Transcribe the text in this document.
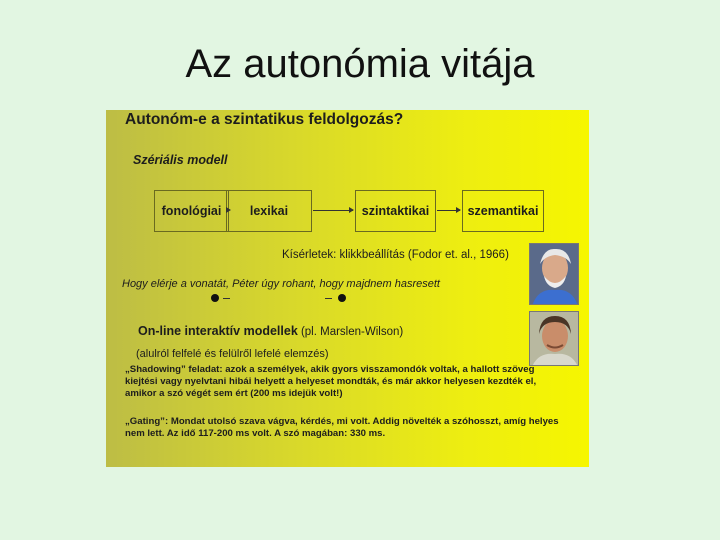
Az autonómia vitája
Autonóm-e a szintatikus feldolgozás?
Szériális modell
fonológiai	lexikai	szintaktikai	szemantikai
Kísérletek: klikkbeállítás (Fodor et. al., 1966)
Hogy elérje a vonatát, Péter úgy rohant, hogy majdnem hasresett
On-line interaktív modellek (pl. Marslen-Wilson)
(alulról felfelé és felülről lefelé elemzés)
„Shadowing” feladat: azok a személyek, akik gyors visszamondók voltak, a hallott szöveg kiejtési vagy nyelvtani hibái helyett a helyeset mondták, és már akkor helyesen kezdték el, amikor a szó végét sem ért (200 ms idejük volt!)
„Gating”: Mondat utolsó szava vágva, kérdés, mi volt. Addig növelték a szóhosszt, amíg helyes nem lett. Az idő 117-200 ms volt. A szó magában: 330 ms.
